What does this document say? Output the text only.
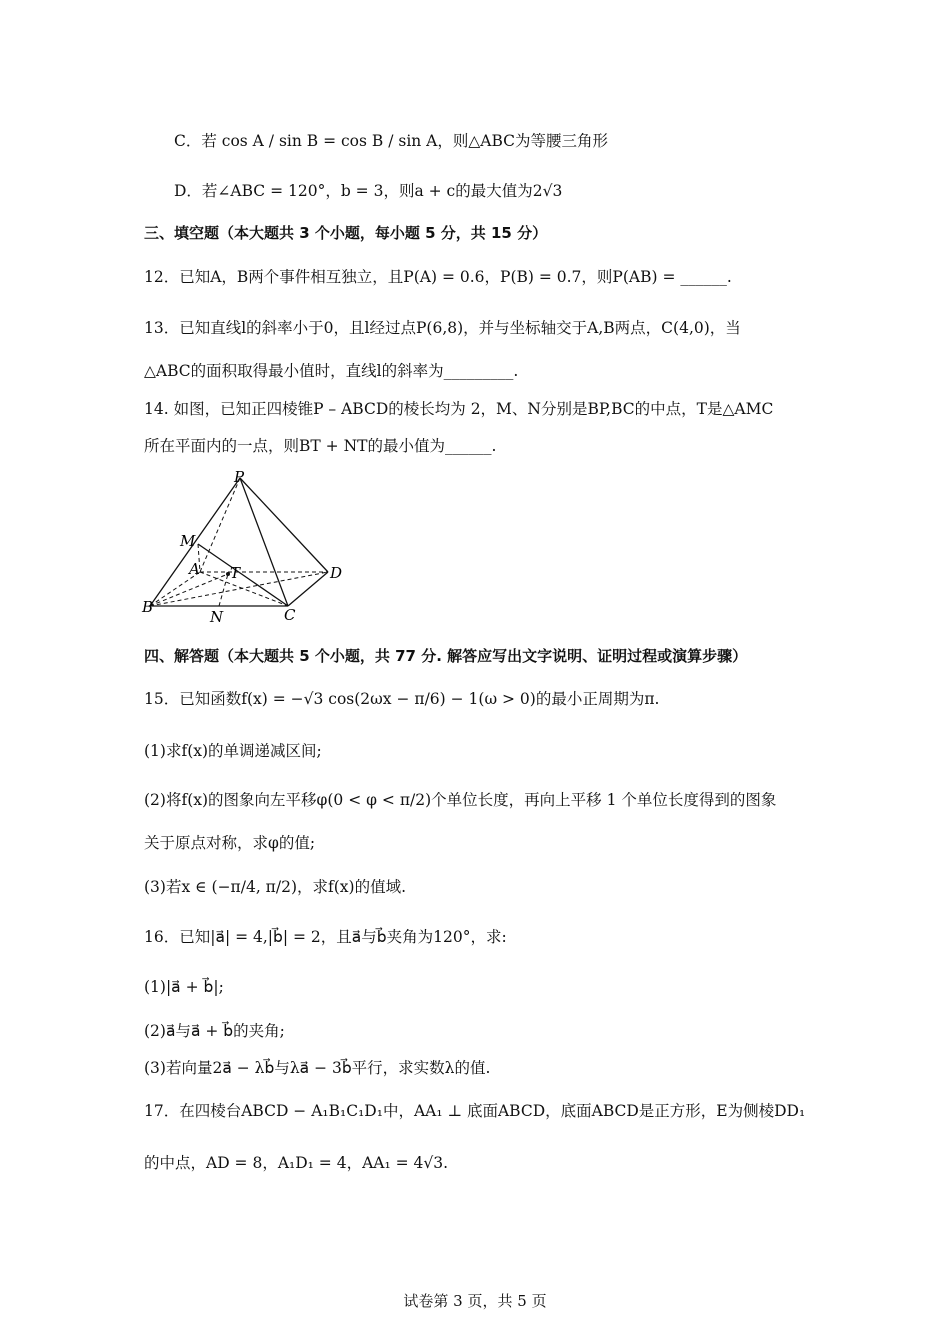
C．若 cos A / sin B = cos B / sin A，则△ABC为等腰三角形
D．若∠ABC = 120°，b = 3，则a + c的最大值为2√3
三、填空题（本大题共 3 个小题，每小题 5 分，共 15 分）
12．已知A，B两个事件相互独立，且P(A) = 0.6，P(B) = 0.7，则P(AB) = ______.
13．已知直线l的斜率小于0，且l经过点P(6,8)，并与坐标轴交于A,B两点，C(4,0)，当
△ABC的面积取得最小值时，直线l的斜率为_________.
14. 如图，已知正四棱锥P – ABCD的棱长均为 2，M、N分别是BP,BC的中点，T是△AMC
所在平面内的一点，则BT + NT的最小值为______.
P
M
A T	D
B
N	C
四、解答题（本大题共 5 个小题，共 77 分. 解答应写出文字说明、证明过程或演算步骤）
15．已知函数f(x) = −√3 cos(2ωx − π/6) − 1(ω > 0)的最小正周期为π.
(1)求f(x)的单调递减区间;
(2)将f(x)的图象向左平移φ(0 < φ < π/2)个单位长度，再向上平移 1 个单位长度得到的图象
关于原点对称，求φ的值;
(3)若x ∈ (−π/4, π/2)，求f(x)的值域.
16．已知|a⃗| = 4,|b⃗| = 2，且a⃗与b⃗夹角为120°，求:
(1)|a⃗ + b⃗|;
(2)a⃗与a⃗ + b⃗的夹角;
(3)若向量2a⃗ − λb⃗与λa⃗ − 3b⃗平行，求实数λ的值.
17．在四棱台ABCD − A₁B₁C₁D₁中，AA₁ ⊥ 底面ABCD，底面ABCD是正方形，E为侧棱DD₁
的中点，AD = 8，A₁D₁ = 4，AA₁ = 4√3.
试卷第 3 页，共 5 页
